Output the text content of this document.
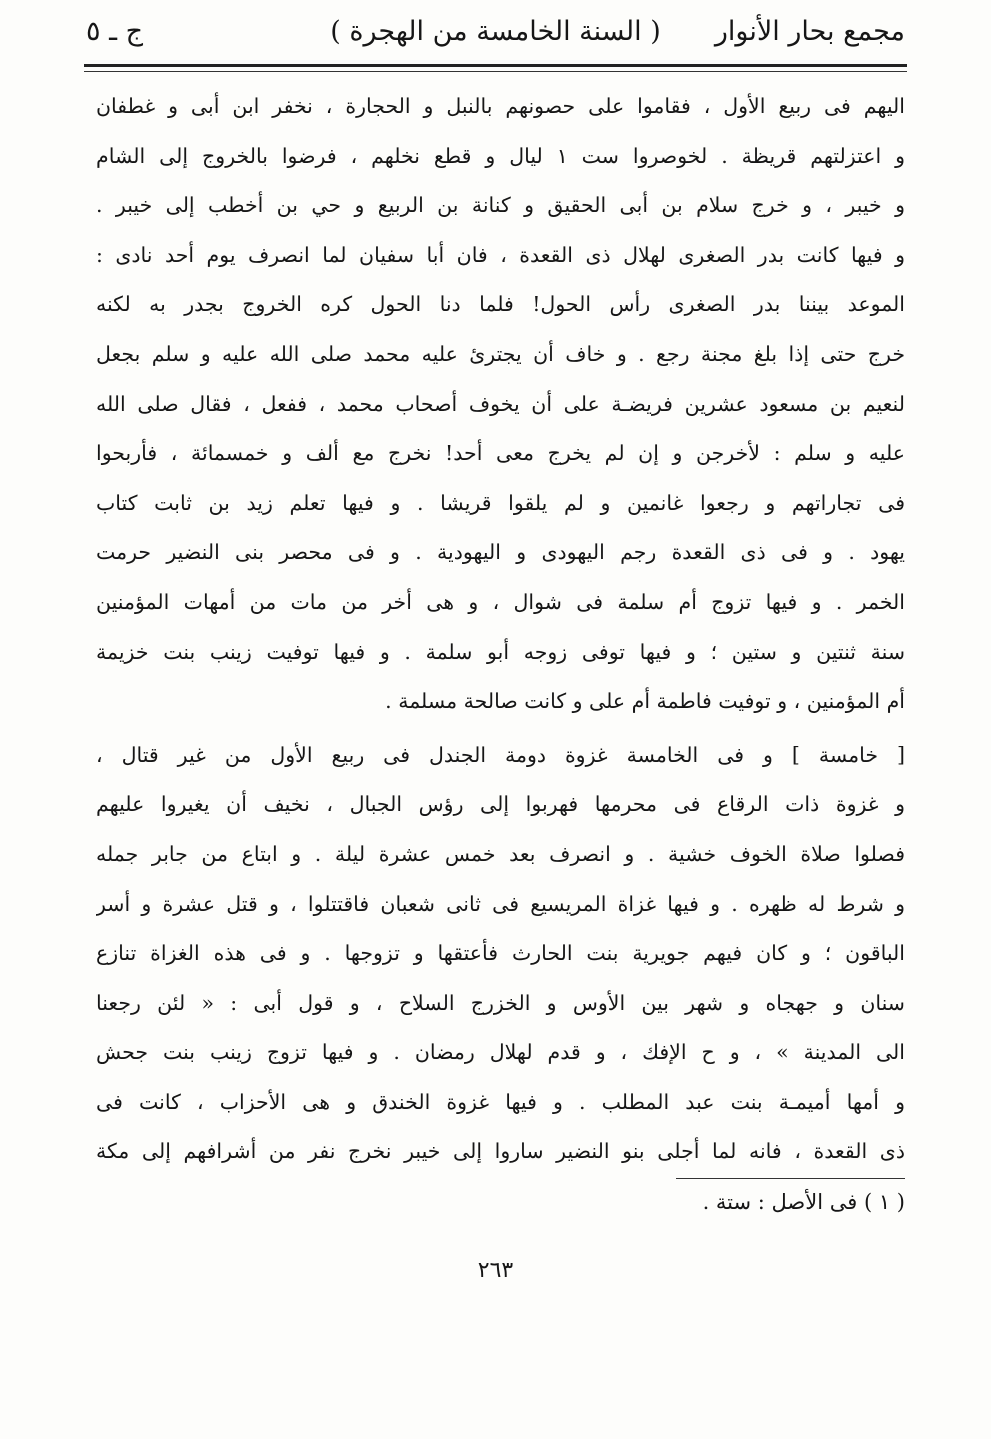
مجمع بحار الأنوار
( السنة الخامسة من الهجرة )
ج ـ ٥
اليهم فى ربيع الأول ، فقاموا على حصونهم بالنبل و الحجارة ، نخفر ابن أبى و غطفان
و اعتزلتهم قريظة . لخوصروا ست ١ ليال و قطع نخلهم ، فرضوا بالخروج إلى الشام
و خيبر ، و خرج سلام بن أبى الحقيق و كنانة بن الربيع و حي بن أخطب إلى خيبر .
و فيها كانت بدر الصغرى لهلال ذى القعدة ، فان أبا سفيان لما انصرف يوم أحد نادى :
الموعد بيننا بدر الصغرى رأس الحول! فلما دنا الحول كره الخروج بجدر به لكنه
خرج حتى إذا بلغ مجنة رجع . و خاف أن يجترئ عليه محمد صلى الله عليه و سلم بجعل
لنعيم بن مسعود عشرين فريضـة على أن يخوف أصحاب محمد ، ففعل ، فقال صلى الله
عليه و سلم : لأخرجن و إن لم يخرج معى أحد! نخرج مع ألف و خمسمائة ، فأربحوا
فى تجاراتهم و رجعوا غانمين و لم يلقوا قريشا . و فيها تعلم زيد بن ثابت كتاب
يهود . و فى ذى القعدة رجم اليهودى و اليهودية . و فى محصر بنى النضير حرمت
الخمر . و فيها تزوج أم سلمة فى شوال ، و هى أخر من مات من أمهات المؤمنين
سنة ثنتين و ستين ؛ و فيها توفى زوجه أبو سلمة . و فيها توفيت زينب بنت خزيمة
أم المؤمنين ، و توفيت فاطمة أم على و كانت صالحة مسلمة .
[ خامسة ] و فى الخامسة غزوة دومة الجندل فى ربيع الأول من غير قتال ،
و غزوة ذات الرقاع فى محرمها فهربوا إلى رؤس الجبال ، نخيف أن يغيروا عليهم
فصلوا صلاة الخوف خشية . و انصرف بعد خمس عشرة ليلة . و ابتاع من جابر جمله
و شرط له ظهره . و فيها غزاة المريسيع فى ثانى شعبان فاقتتلوا ، و قتل عشرة و أسر
الباقون ؛ و كان فيهم جويرية بنت الحارث فأعتقها و تزوجها . و فى هذه الغزاة تنازع
سنان و جهجاه و شهر بين الأوس و الخزرج السلاح ، و قول أبى : « لئن رجعنا
الى المدينة » ، و ح الإفك ، و قدم لهلال رمضان . و فيها تزوج زينب بنت جحش
و أمها أميمـة بنت عبد المطلب . و فيها غزوة الخندق و هى الأحزاب ، كانت فى
ذى القعدة ، فانه لما أجلى بنو النضير ساروا إلى خيبر نخرج نفر من أشرافهم إلى مكة
( ١ ) فى الأصل : ستة .
٢٦٣
